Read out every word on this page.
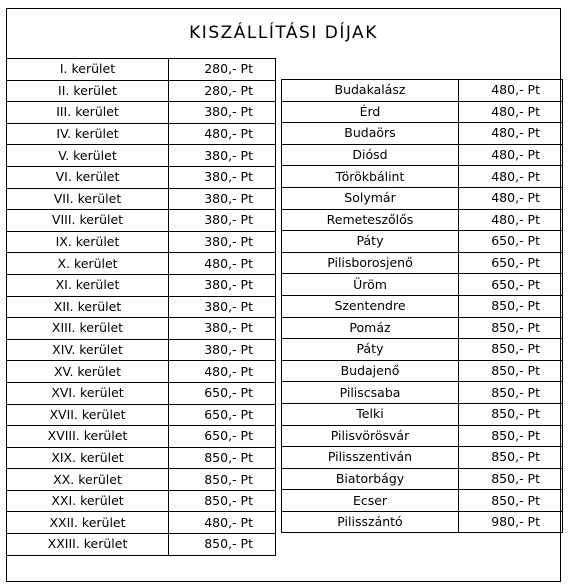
KISZÁLLÍTÁSI DÍJAK
I. kerület	280,- Pt
II. kerület	280,- Pt
III. kerület	380,- Pt
IV. kerület	480,- Pt
V. kerület	380,- Pt
VI. kerület	380,- Pt
VII. kerület	380,- Pt
VIII. kerület	380,- Pt
IX. kerület	380,- Pt
X. kerület	480,- Pt
XI. kerület	380,- Pt
XII. kerület	380,- Pt
XIII. kerület	380,- Pt
XIV. kerület	380,- Pt
XV. kerület	480,- Pt
XVI. kerület	650,- Pt
XVII. kerület	650,- Pt
XVIII. kerület	650,- Pt
XIX. kerület	850,- Pt
XX. kerület	850,- Pt
XXI. kerület	850,- Pt
XXII. kerület	480,- Pt
XXIII. kerület	850,- Pt
Budakalász	480,- Pt
Érd	480,- Pt
Budaörs	480,- Pt
Diósd	480,- Pt
Törökbálint	480,- Pt
Solymár	480,- Pt
Remeteszőlős	480,- Pt
Páty	650,- Pt
Pilisborosjenő	650,- Pt
Üröm	650,- Pt
Szentendre	850,- Pt
Pomáz	850,- Pt
Páty	850,- Pt
Budajenő	850,- Pt
Piliscsaba	850,- Pt
Telki	850,- Pt
Pilisvörösvár	850,- Pt
Pilisszentiván	850,- Pt
Biatorbágy	850,- Pt
Ecser	850,- Pt
Pilisszántó	980,- Pt
